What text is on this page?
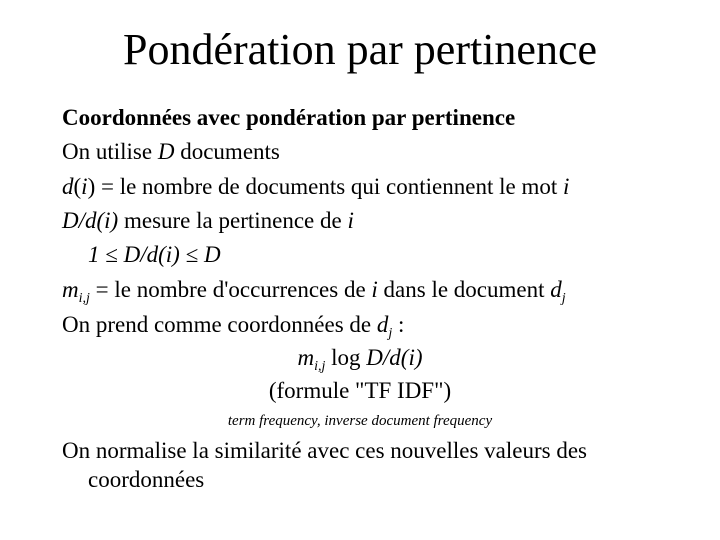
Pondération par pertinence
Coordonnées avec pondération par pertinence
On utilise D documents
d(i) = le nombre de documents qui contiennent le mot i
D/d(i) mesure la pertinence de i
1 ≤ D/d(i) ≤ D
$m_{i,j}$ = le nombre d'occurrences de i dans le document $d_j$
On prend comme coordonnées de $d_j$ :
$m_{i,j}$ log D/d(i)
(formule "TF IDF")
term frequency, inverse document frequency
On normalise la similarité avec ces nouvelles valeurs des
coordonnées
